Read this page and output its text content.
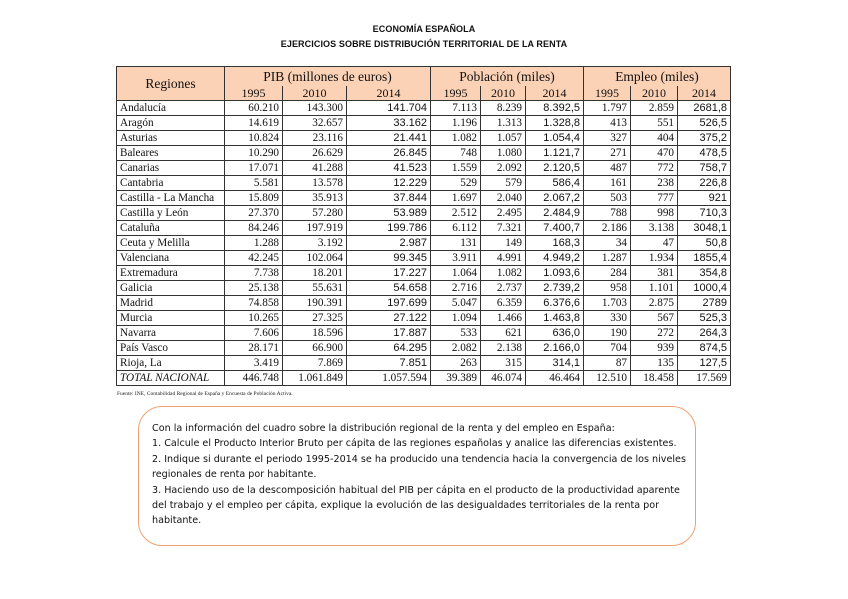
ECONOMÍA ESPAÑOLA
EJERCICIOS SOBRE DISTRIBUCIÓN TERRITORIAL DE LA RENTA
Regiones	PIB (millones de euros)			Población (miles)			Empleo (miles)		
	1995	2010	2014	1995	2010	2014	1995	2010	2014
Andalucía	60.210	143.300	141.704	7.113	8.239	8.392,5	1.797	2.859	2681,8
Aragón	14.619	32.657	33.162	1.196	1.313	1.328,8	413	551	526,5
Asturias	10.824	23.116	21.441	1.082	1.057	1.054,4	327	404	375,2
Baleares	10.290	26.629	26.845	748	1.080	1.121,7	271	470	478,5
Canarias	17.071	41.288	41.523	1.559	2.092	2.120,5	487	772	758,7
Cantabria	5.581	13.578	12.229	529	579	586,4	161	238	226,8
Castilla - La Mancha	15.809	35.913	37.844	1.697	2.040	2.067,2	503	777	921
Castilla y León	27.370	57.280	53.989	2.512	2.495	2.484,9	788	998	710,3
Cataluña	84.246	197.919	199.786	6.112	7.321	7.400,7	2.186	3.138	3048,1
Ceuta y Melilla	1.288	3.192	2.987	131	149	168,3	34	47	50,8
Valenciana	42.245	102.064	99.345	3.911	4.991	4.949,2	1.287	1.934	1855,4
Extremadura	7.738	18.201	17.227	1.064	1.082	1.093,6	284	381	354,8
Galicia	25.138	55.631	54.658	2.716	2.737	2.739,2	958	1.101	1000,4
Madrid	74.858	190.391	197.699	5.047	6.359	6.376,6	1.703	2.875	2789
Murcia	10.265	27.325	27.122	1.094	1.466	1.463,8	330	567	525,3
Navarra	7.606	18.596	17.887	533	621	636,0	190	272	264,3
País Vasco	28.171	66.900	64.295	2.082	2.138	2.166,0	704	939	874,5
Rioja, La	3.419	7.869	7.851	263	315	314,1	87	135	127,5
TOTAL NACIONAL	446.748	1.061.849	1.057.594	39.389	46.074	46.464	12.510	18.458	17.569
Fuente: INE, Contabilidad Regional de España y Encuesta de Población Activa.

Con la información del cuadro sobre la distribución regional de la renta y del empleo en España:

1. Calcule el Producto Interior Bruto per cápita de las regiones españolas y analice las diferencias existentes.

2. Indique si durante el periodo 1995-2014 se ha producido una tendencia hacia la convergencia de los niveles regionales de renta por habitante.

3. Haciendo uso de la descomposición habitual del PIB per cápita en el producto de la productividad aparente del trabajo y el empleo per cápita, explique la evolución de las desigualdades territoriales de la renta por habitante.
